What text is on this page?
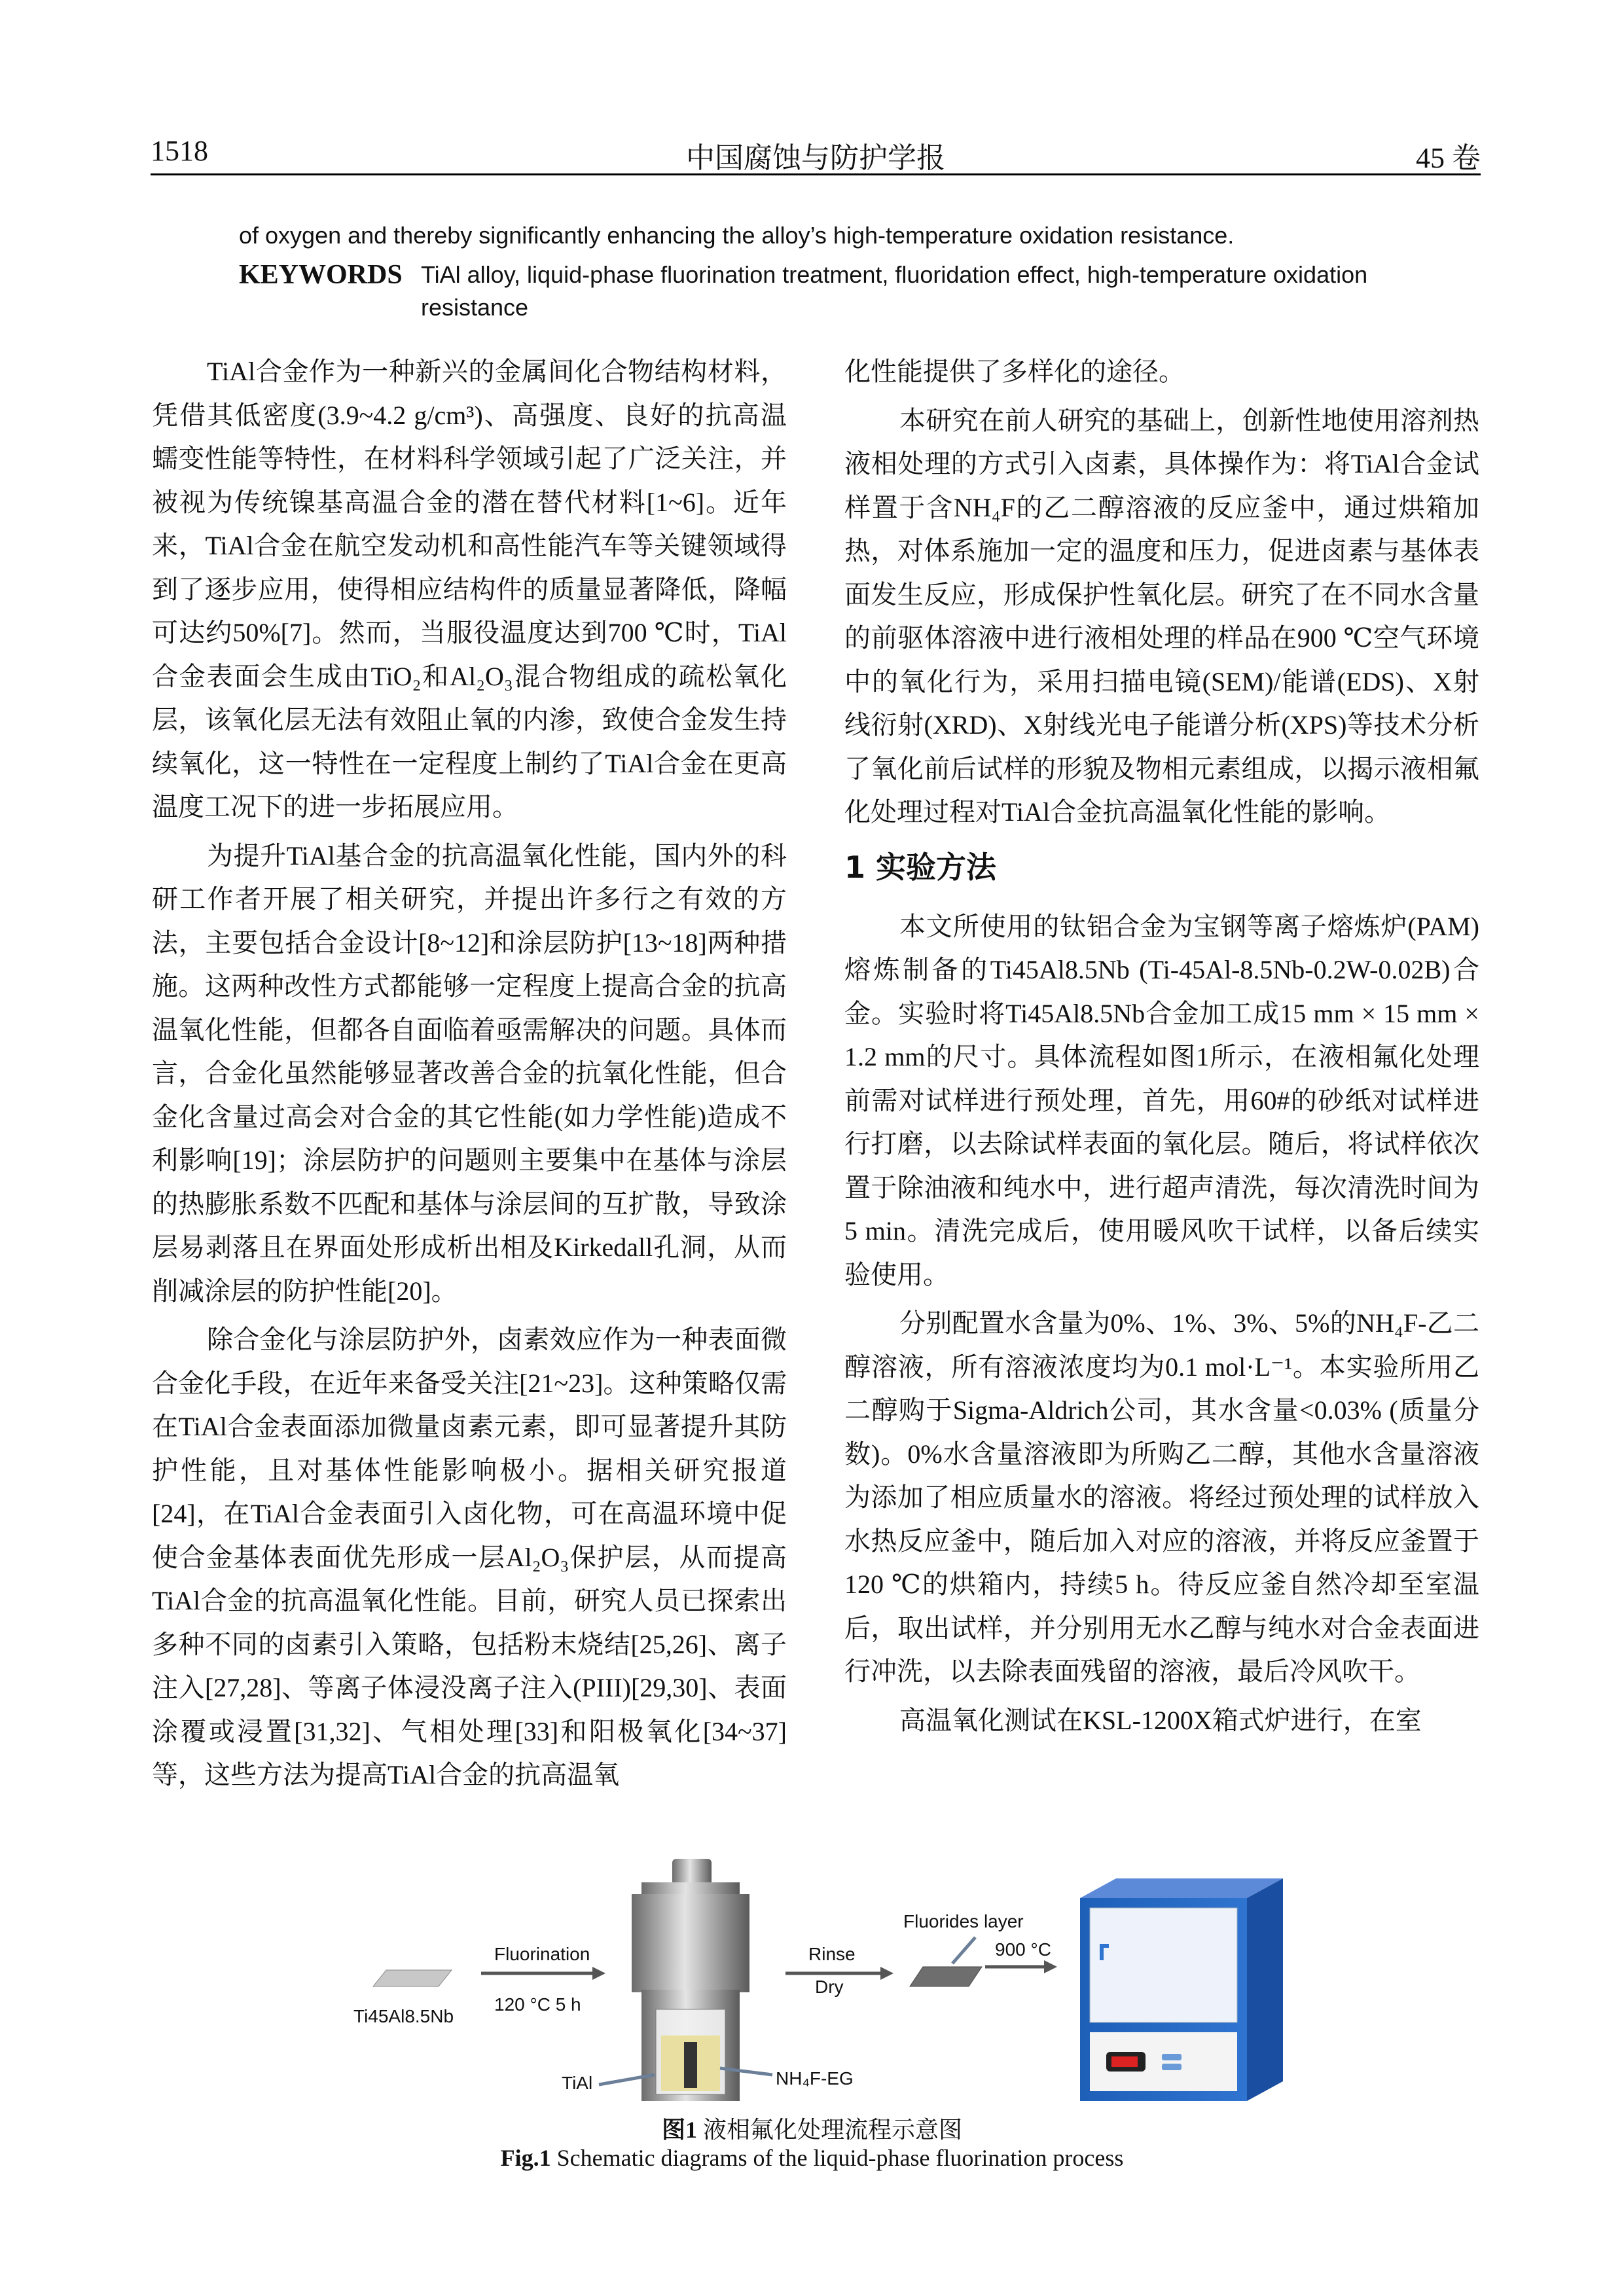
1518	中国腐蚀与防护学报	45 卷
of oxygen and thereby significantly enhancing the alloy’s high-temperature oxidation resistance.
KEYWORDS TiAl alloy, liquid-phase fluorination treatment, fluoridation effect, high-temperature oxidation resistance

TiAl合金作为一种新兴的金属间化合物结构材料，凭借其低密度(3.9~4.2 g/cm³)、高强度、良好的抗高温蠕变性能等特性，在材料科学领域引起了广泛关注，并被视为传统镍基高温合金的潜在替代材料[1~6]。近年来，TiAl合金在航空发动机和高性能汽车等关键领域得到了逐步应用，使得相应结构件的质量显著降低，降幅可达约50%[7]。然而，当服役温度达到700 ℃时，TiAl合金表面会生成由TiO₂和Al₂O₃混合物组成的疏松氧化层，该氧化层无法有效阻止氧的内渗，致使合金发生持续氧化，这一特性在一定程度上制约了TiAl合金在更高温度工况下的进一步拓展应用。

为提升TiAl基合金的抗高温氧化性能，国内外的科研工作者开展了相关研究，并提出许多行之有效的方法，主要包括合金设计[8~12]和涂层防护[13~18]两种措施。这两种改性方式都能够一定程度上提高合金的抗高温氧化性能，但都各自面临着亟需解决的问题。具体而言，合金化虽然能够显著改善合金的抗氧化性能，但合金化含量过高会对合金的其它性能(如力学性能)造成不利影响[19]；涂层防护的问题则主要集中在基体与涂层的热膨胀系数不匹配和基体与涂层间的互扩散，导致涂层易剥落且在界面处形成析出相及Kirkedall孔洞，从而削减涂层的防护性能[20]。

除合金化与涂层防护外，卤素效应作为一种表面微合金化手段，在近年来备受关注[21~23]。这种策略仅需在TiAl合金表面添加微量卤素元素，即可显著提升其防护性能，且对基体性能影响极小。据相关研究报道[24]，在TiAl合金表面引入卤化物，可在高温环境中促使合金基体表面优先形成一层Al₂O₃保护层，从而提高TiAl合金的抗高温氧化性能。目前，研究人员已探索出多种不同的卤素引入策略，包括粉末烧结[25,26]、离子注入[27,28]、等离子体浸没离子注入(PIII)[29,30]、表面涂覆或浸置[31,32]、气相处理[33]和阳极氧化[34~37]等，这些方法为提高TiAl合金的抗高温氧

化性能提供了多样化的途径。

本研究在前人研究的基础上，创新性地使用溶剂热液相处理的方式引入卤素，具体操作为：将TiAl合金试样置于含NH₄F的乙二醇溶液的反应釜中，通过烘箱加热，对体系施加一定的温度和压力，促进卤素与基体表面发生反应，形成保护性氧化层。研究了在不同水含量的前驱体溶液中进行液相处理的样品在900 ℃空气环境中的氧化行为，采用扫描电镜(SEM)/能谱(EDS)、X射线衍射(XRD)、X射线光电子能谱分析(XPS)等技术分析了氧化前后试样的形貌及物相元素组成，以揭示液相氟化处理过程对TiAl合金抗高温氧化性能的影响。

1 实验方法

本文所使用的钛铝合金为宝钢等离子熔炼炉(PAM)熔炼制备的Ti45Al8.5Nb (Ti-45Al-8.5Nb-0.2W-0.02B)合金。实验时将Ti45Al8.5Nb合金加工成15 mm × 15 mm × 1.2 mm的尺寸。具体流程如图1所示，在液相氟化处理前需对试样进行预处理，首先，用60#的砂纸对试样进行打磨，以去除试样表面的氧化层。随后，将试样依次置于除油液和纯水中，进行超声清洗，每次清洗时间为5 min。清洗完成后，使用暖风吹干试样，以备后续实验使用。

分别配置水含量为0%、1%、3%、5%的NH₄F-乙二醇溶液，所有溶液浓度均为0.1 mol·L⁻¹。本实验所用乙二醇购于Sigma-Aldrich公司，其水含量<0.03% (质量分数)。0%水含量溶液即为所购乙二醇，其他水含量溶液为添加了相应质量水的溶液。将经过预处理的试样放入水热反应釜中，随后加入对应的溶液，并将反应釜置于120 ℃的烘箱内，持续5 h。待反应釜自然冷却至室温后，取出试样，并分别用无水乙醇与纯水对合金表面进行冲洗，以去除表面残留的溶液，最后冷风吹干。

高温氧化测试在KSL-1200X箱式炉进行，在室

Ti45Al8.5Nb
Fluorination
120 °C 5 h
TiAl	NH₄F-EG
Rinse
Dry
Fluorides layer
900 °C
图1 液相氟化处理流程示意图
Fig.1 Schematic diagrams of the liquid-phase fluorination process
